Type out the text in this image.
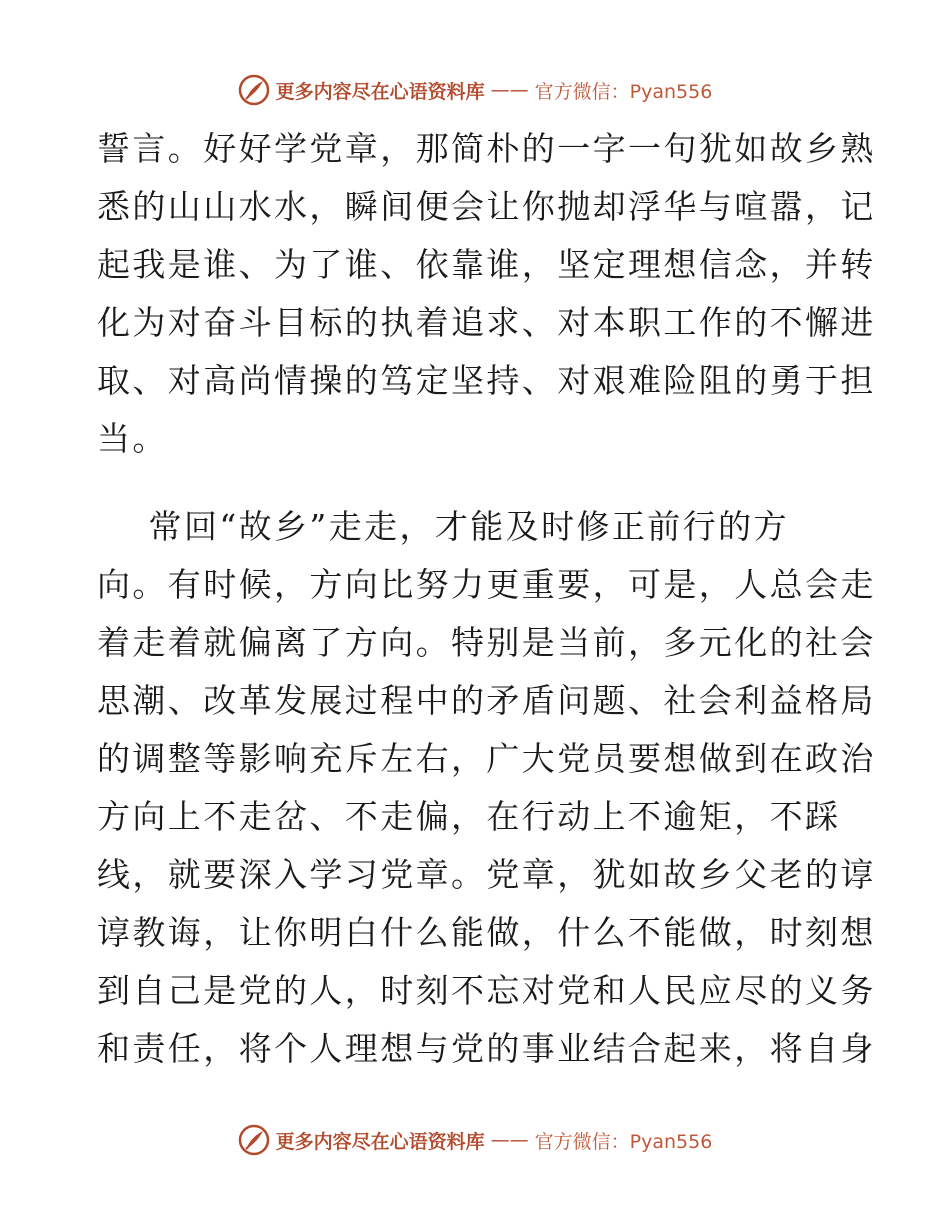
更多内容尽在心语资料库 —— 官方微信：Pyan556
誓言。好好学党章，那简朴的一字一句犹如故乡熟
悉的山山水水，瞬间便会让你抛却浮华与喧嚣，记
起我是谁、为了谁、依靠谁，坚定理想信念，并转
化为对奋斗目标的执着追求、对本职工作的不懈进
取、对高尚情操的笃定坚持、对艰难险阻的勇于担
当。
常回“故乡”走走，才能及时修正前行的方
向。有时候，方向比努力更重要，可是，人总会走
着走着就偏离了方向。特别是当前，多元化的社会
思潮、改革发展过程中的矛盾问题、社会利益格局
的调整等影响充斥左右，广大党员要想做到在政治
方向上不走岔、不走偏，在行动上不逾矩，不踩
线，就要深入学习党章。党章，犹如故乡父老的谆
谆教诲，让你明白什么能做，什么不能做，时刻想
到自己是党的人，时刻不忘对党和人民应尽的义务
和责任，将个人理想与党的事业结合起来，将自身
更多内容尽在心语资料库 —— 官方微信：Pyan556
